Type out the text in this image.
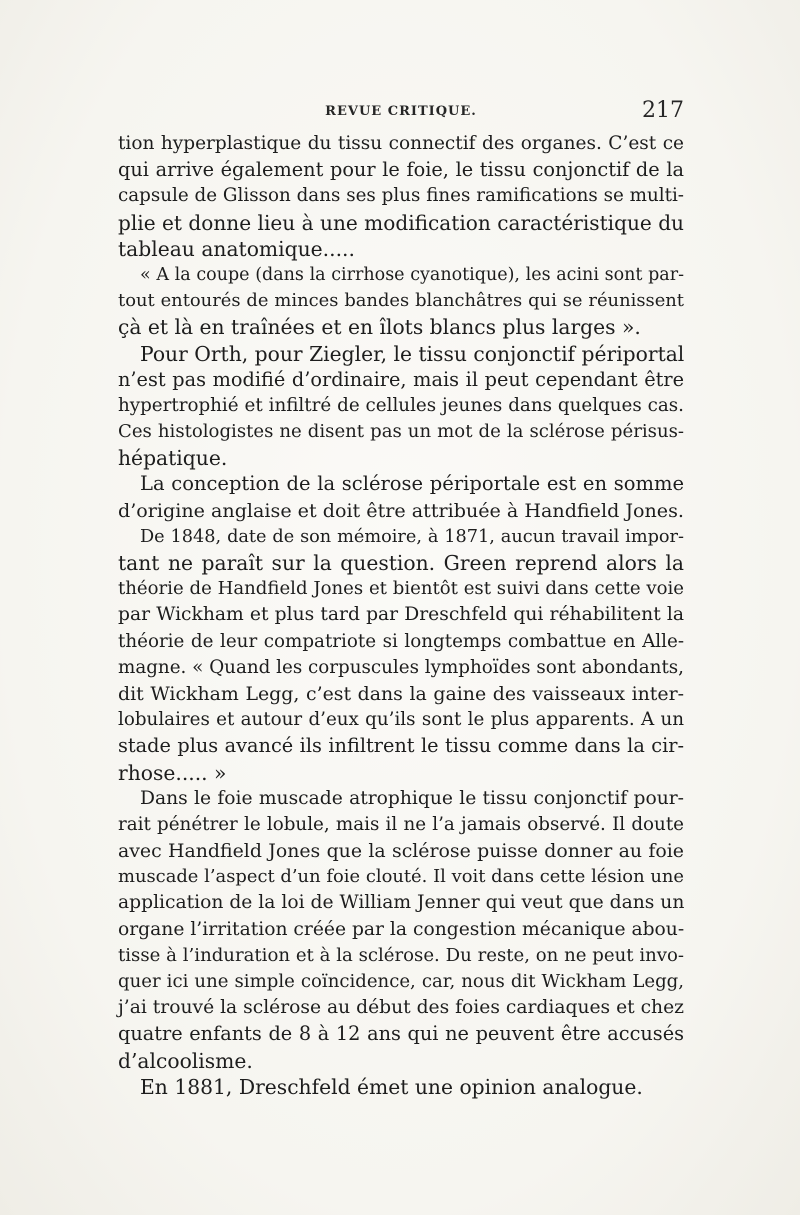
REVUE CRITIQUE.	217
tion hyperplastique du tissu connectif des organes. C’est ce
qui arrive également pour le foie, le tissu conjonctif de la
capsule de Glisson dans ses plus fines ramifications se multi-
plie et donne lieu à une modification caractéristique du
tableau anatomique.....
« A la coupe (dans la cirrhose cyanotique), les acini sont par-
tout entourés de minces bandes blanchâtres qui se réunissent
çà et là en traînées et en îlots blancs plus larges ».
Pour Orth, pour Ziegler, le tissu conjonctif périportal
n’est pas modifié d’ordinaire, mais il peut cependant être
hypertrophié et infiltré de cellules jeunes dans quelques cas.
Ces histologistes ne disent pas un mot de la sclérose périsus-
hépatique.
La conception de la sclérose périportale est en somme
d’origine anglaise et doit être attribuée à Handfield Jones.
De 1848, date de son mémoire, à 1871, aucun travail impor-
tant ne paraît sur la question. Green reprend alors la
théorie de Handfield Jones et bientôt est suivi dans cette voie
par Wickham et plus tard par Dreschfeld qui réhabilitent la
théorie de leur compatriote si longtemps combattue en Alle-
magne. « Quand les corpuscules lymphoïdes sont abondants,
dit Wickham Legg, c’est dans la gaine des vaisseaux inter-
lobulaires et autour d’eux qu’ils sont le plus apparents. A un
stade plus avancé ils infiltrent le tissu comme dans la cir-
rhose..... »
Dans le foie muscade atrophique le tissu conjonctif pour-
rait pénétrer le lobule, mais il ne l’a jamais observé. Il doute
avec Handfield Jones que la sclérose puisse donner au foie
muscade l’aspect d’un foie clouté. Il voit dans cette lésion une
application de la loi de William Jenner qui veut que dans un
organe l’irritation créée par la congestion mécanique abou-
tisse à l’induration et à la sclérose. Du reste, on ne peut invo-
quer ici une simple coïncidence, car, nous dit Wickham Legg,
j’ai trouvé la sclérose au début des foies cardiaques et chez
quatre enfants de 8 à 12 ans qui ne peuvent être accusés
d’alcoolisme.
En 1881, Dreschfeld émet une opinion analogue.
